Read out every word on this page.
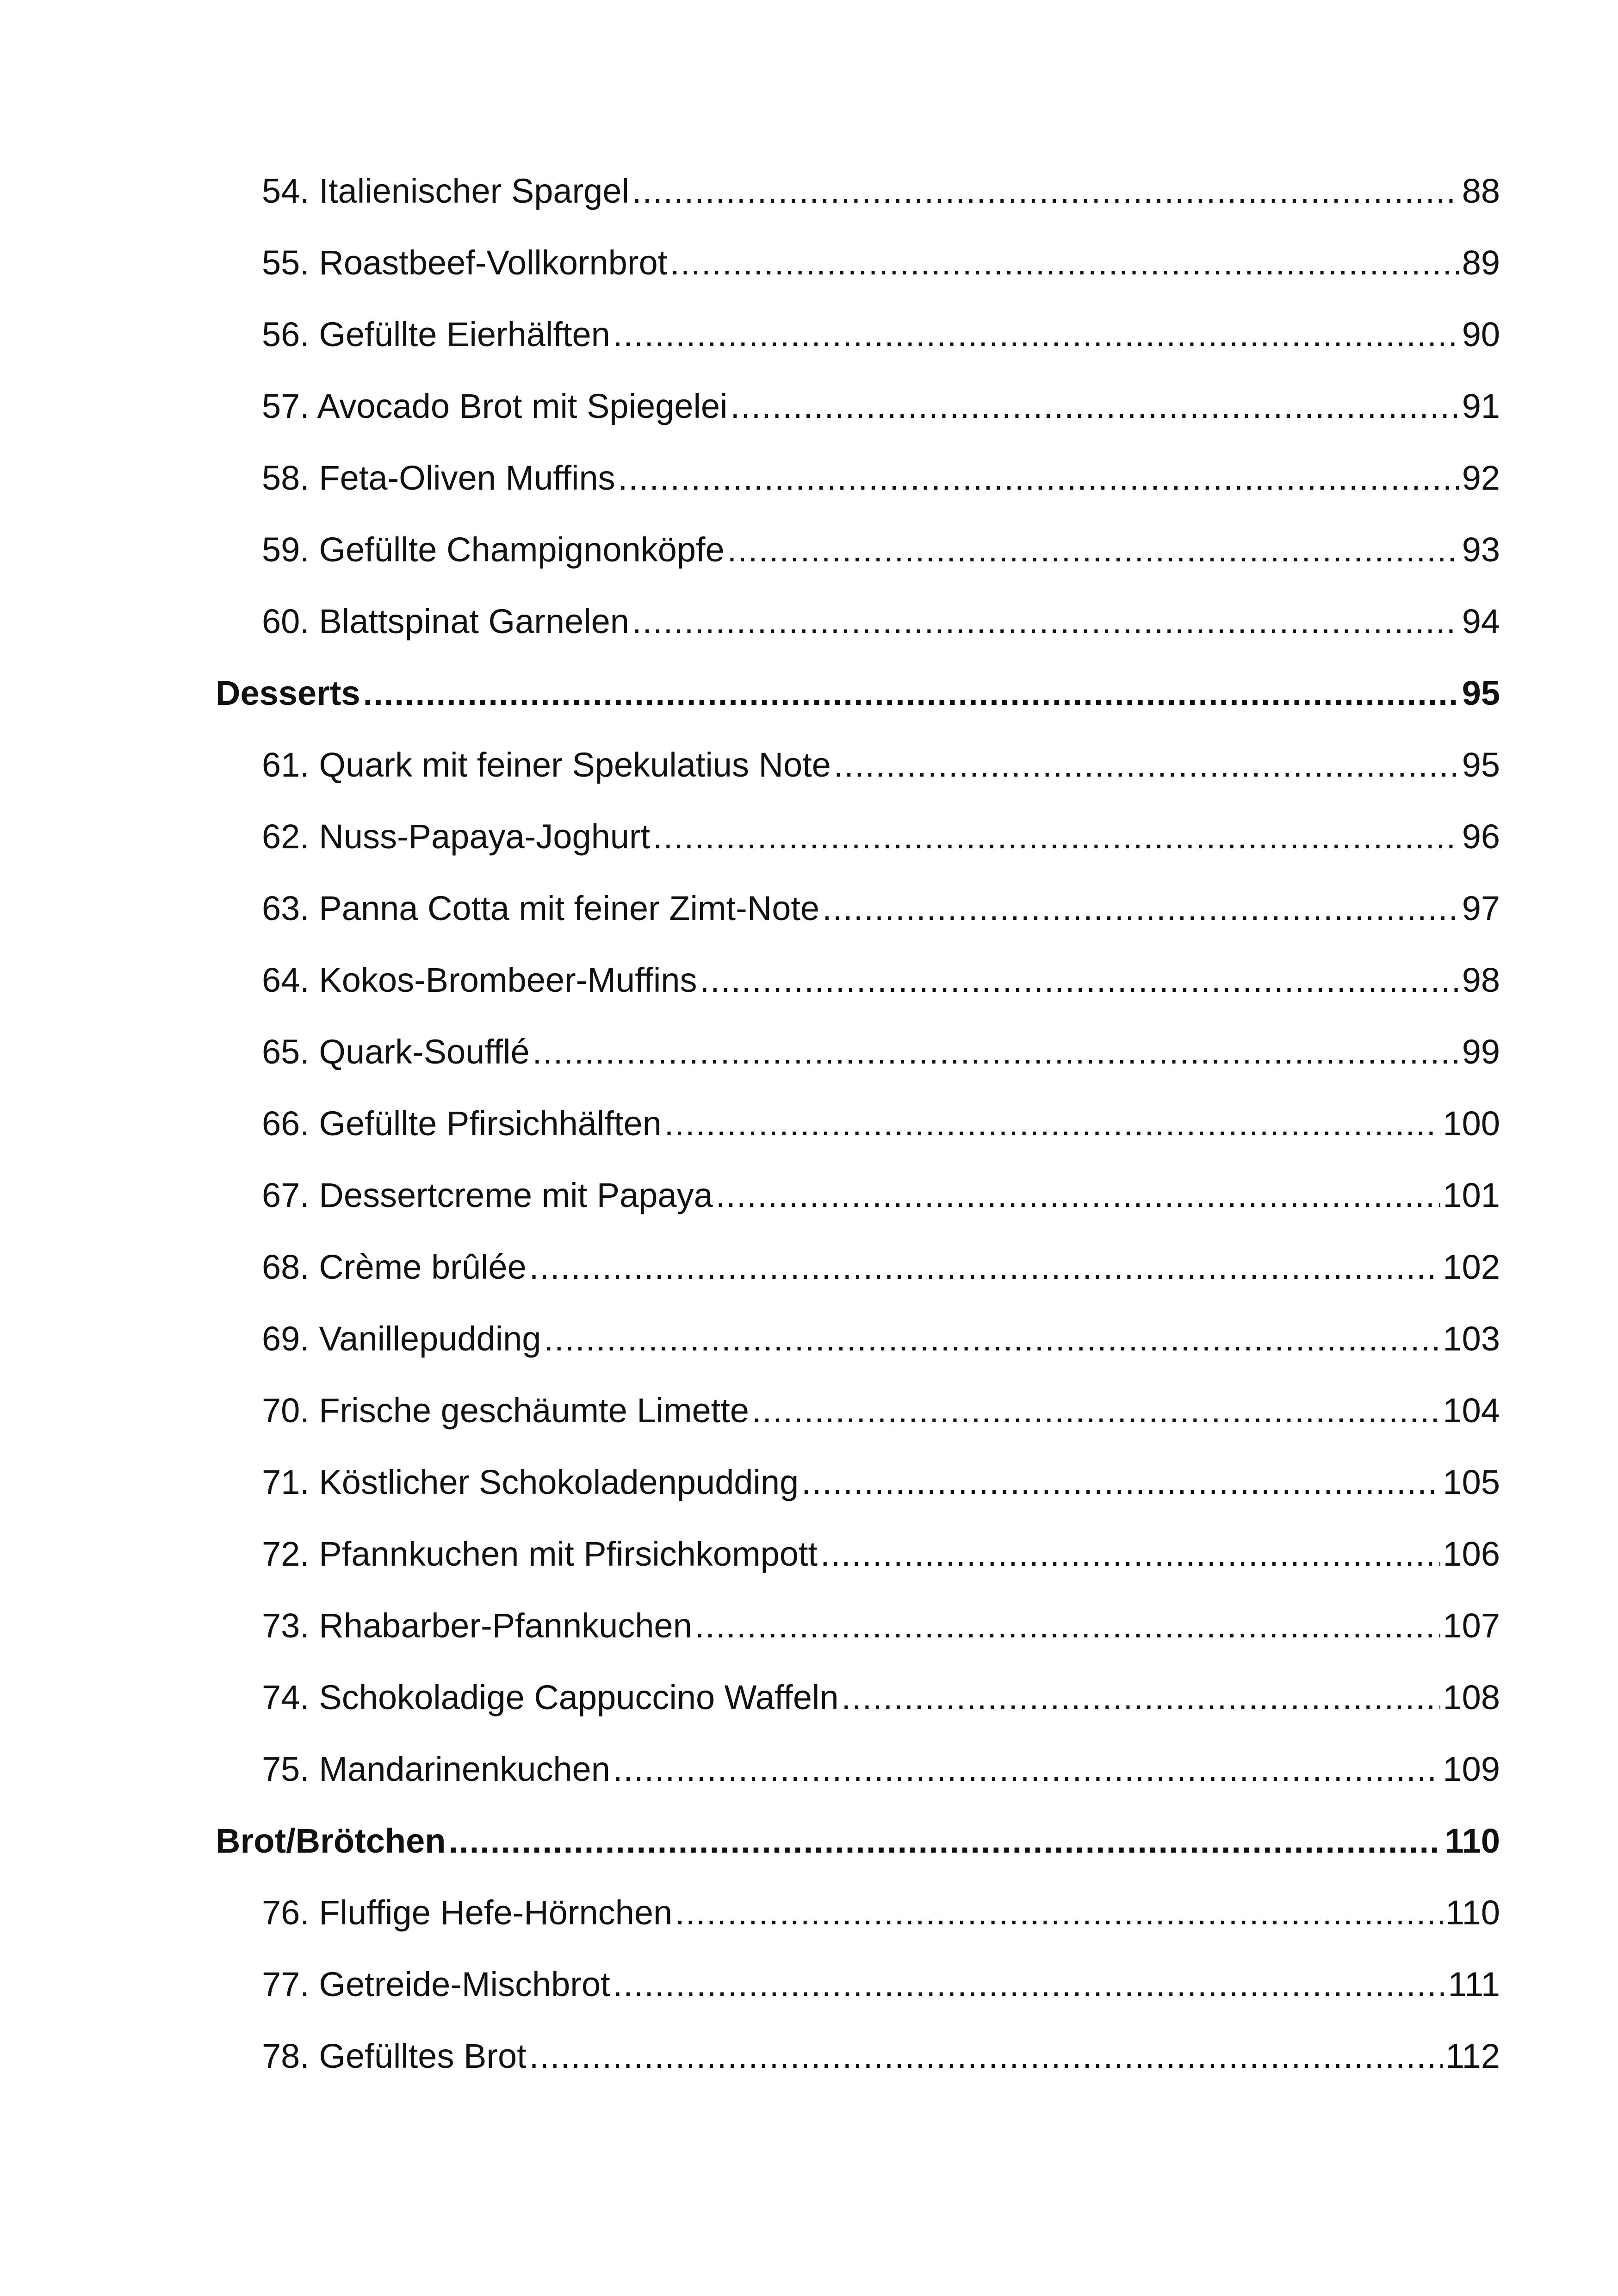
54. Italienischer Spargel .....	88
55. Roastbeef-Vollkornbrot .....	89
56. Gefüllte Eierhälften .....	90
57. Avocado Brot mit Spiegelei .....	91
58. Feta-Oliven Muffins .....	92
59. Gefüllte Champignonköpfe .....	93
60. Blattspinat Garnelen .....	94
Desserts .....	95
61. Quark mit feiner Spekulatius Note .....	95
62. Nuss-Papaya-Joghurt .....	96
63. Panna Cotta mit feiner Zimt-Note .....	97
64. Kokos-Brombeer-Muffins .....	98
65. Quark-Soufflé .....	99
66. Gefüllte Pfirsichhälften .....	100
67. Dessertcreme mit Papaya .....	101
68. Crème brûlée .....	102
69. Vanillepudding .....	103
70. Frische geschäumte Limette .....	104
71. Köstlicher Schokoladenpudding .....	105
72. Pfannkuchen mit Pfirsichkompott .....	106
73. Rhabarber-Pfannkuchen .....	107
74. Schokoladige Cappuccino Waffeln .....	108
75. Mandarinenkuchen .....	109
Brot/Brötchen .....	110
76. Fluffige Hefe-Hörnchen .....	110
77. Getreide-Mischbrot .....	111
78. Gefülltes Brot .....	112
